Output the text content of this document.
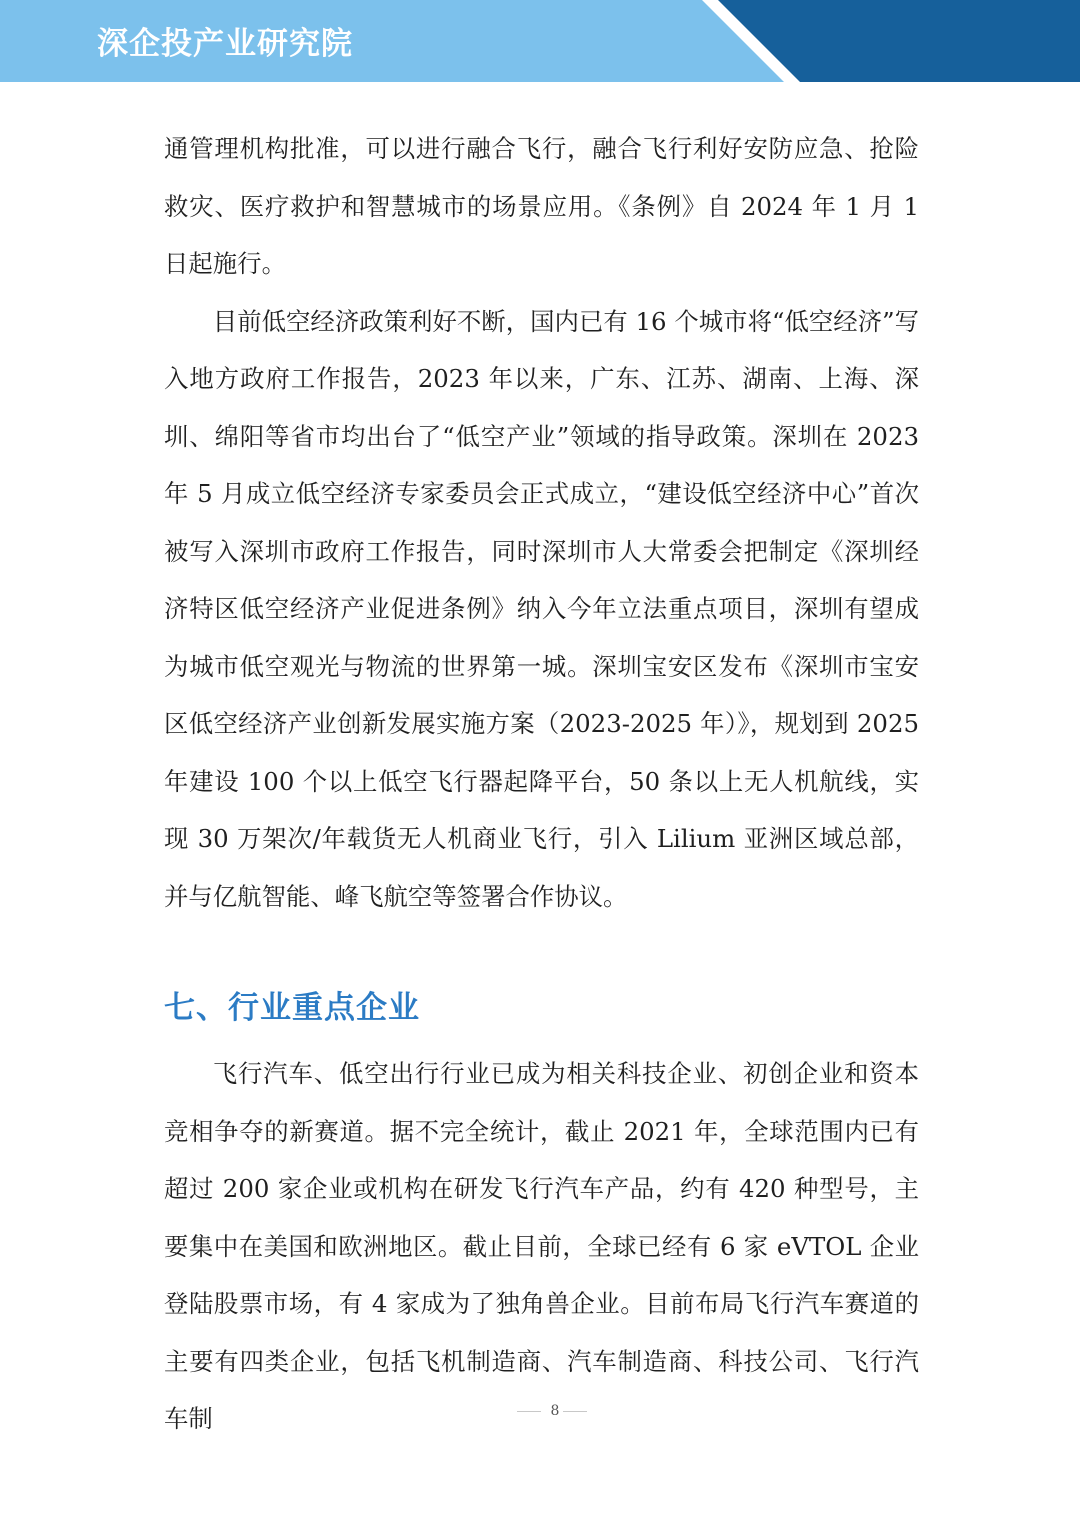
深企投产业研究院

通管理机构批准，可以进行融合飞行，融合飞行利好安防应急、抢险救灾、医疗救护和智慧城市的场景应用。《条例》自 2024 年 1 月 1 日起施行。

目前低空经济政策利好不断，国内已有 16 个城市将“低空经济”写入地方政府工作报告，2023 年以来，广东、江苏、湖南、上海、深圳、绵阳等省市均出台了“低空产业”领域的指导政策。深圳在 2023 年 5 月成立低空经济专家委员会正式成立，“建设低空经济中心”首次被写入深圳市政府工作报告，同时深圳市人大常委会把制定《深圳经济特区低空经济产业促进条例》纳入今年立法重点项目，深圳有望成为城市低空观光与物流的世界第一城。深圳宝安区发布《深圳市宝安区低空经济产业创新发展实施方案（2023-2025 年）》，规划到 2025 年建设 100 个以上低空飞行器起降平台，50 条以上无人机航线，实现 30 万架次/年载货无人机商业飞行，引入 Lilium 亚洲区域总部，并与亿航智能、峰飞航空等签署合作协议。

七、行业重点企业

飞行汽车、低空出行行业已成为相关科技企业、初创企业和资本竞相争夺的新赛道。据不完全统计，截止 2021 年，全球范围内已有超过 200 家企业或机构在研发飞行汽车产品，约有 420 种型号，主要集中在美国和欧洲地区。截止目前，全球已经有 6 家 eVTOL 企业登陆股票市场，有 4 家成为了独角兽企业。目前布局飞行汽车赛道的主要有四类企业，包括飞机制造商、汽车制造商、科技公司、飞行汽车制	8
